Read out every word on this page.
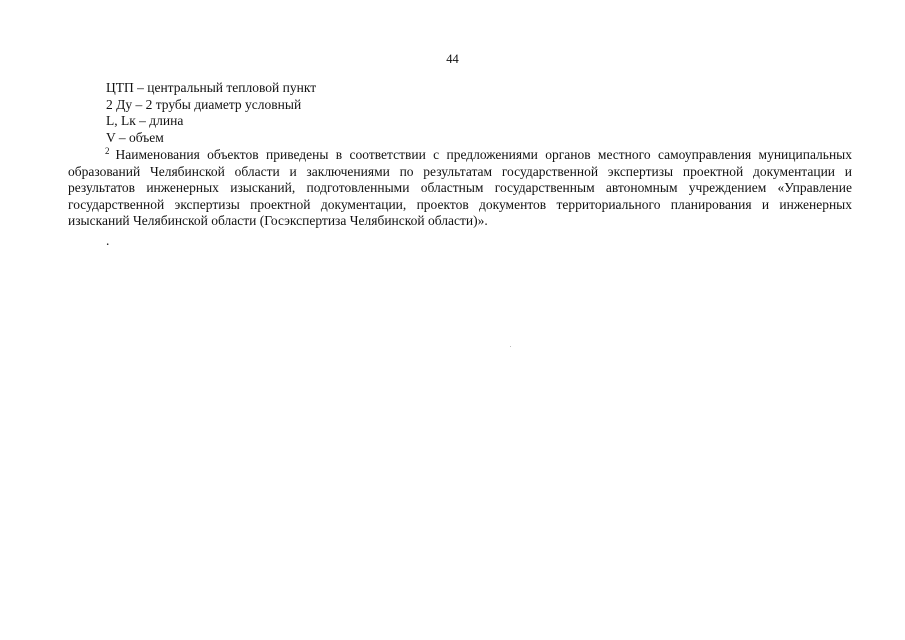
44
ЦТП – центральный тепловой пункт
2 Ду – 2 трубы диаметр условный
L, Lк – длина
V – объем

$^2$ Наименования объектов приведены в соответствии с предложениями органов местного самоуправления муниципальных образований Челябинской области и заключениями по результатам государственной экспертизы проектной документации и результатов инженерных изысканий, подготовленными областным государственным автономным учреждением «Управление государственной экспертизы проектной документации, проектов документов территориального планирования и инженерных изысканий Челябинской области (Госэкспертиза Челябинской области)».

.
